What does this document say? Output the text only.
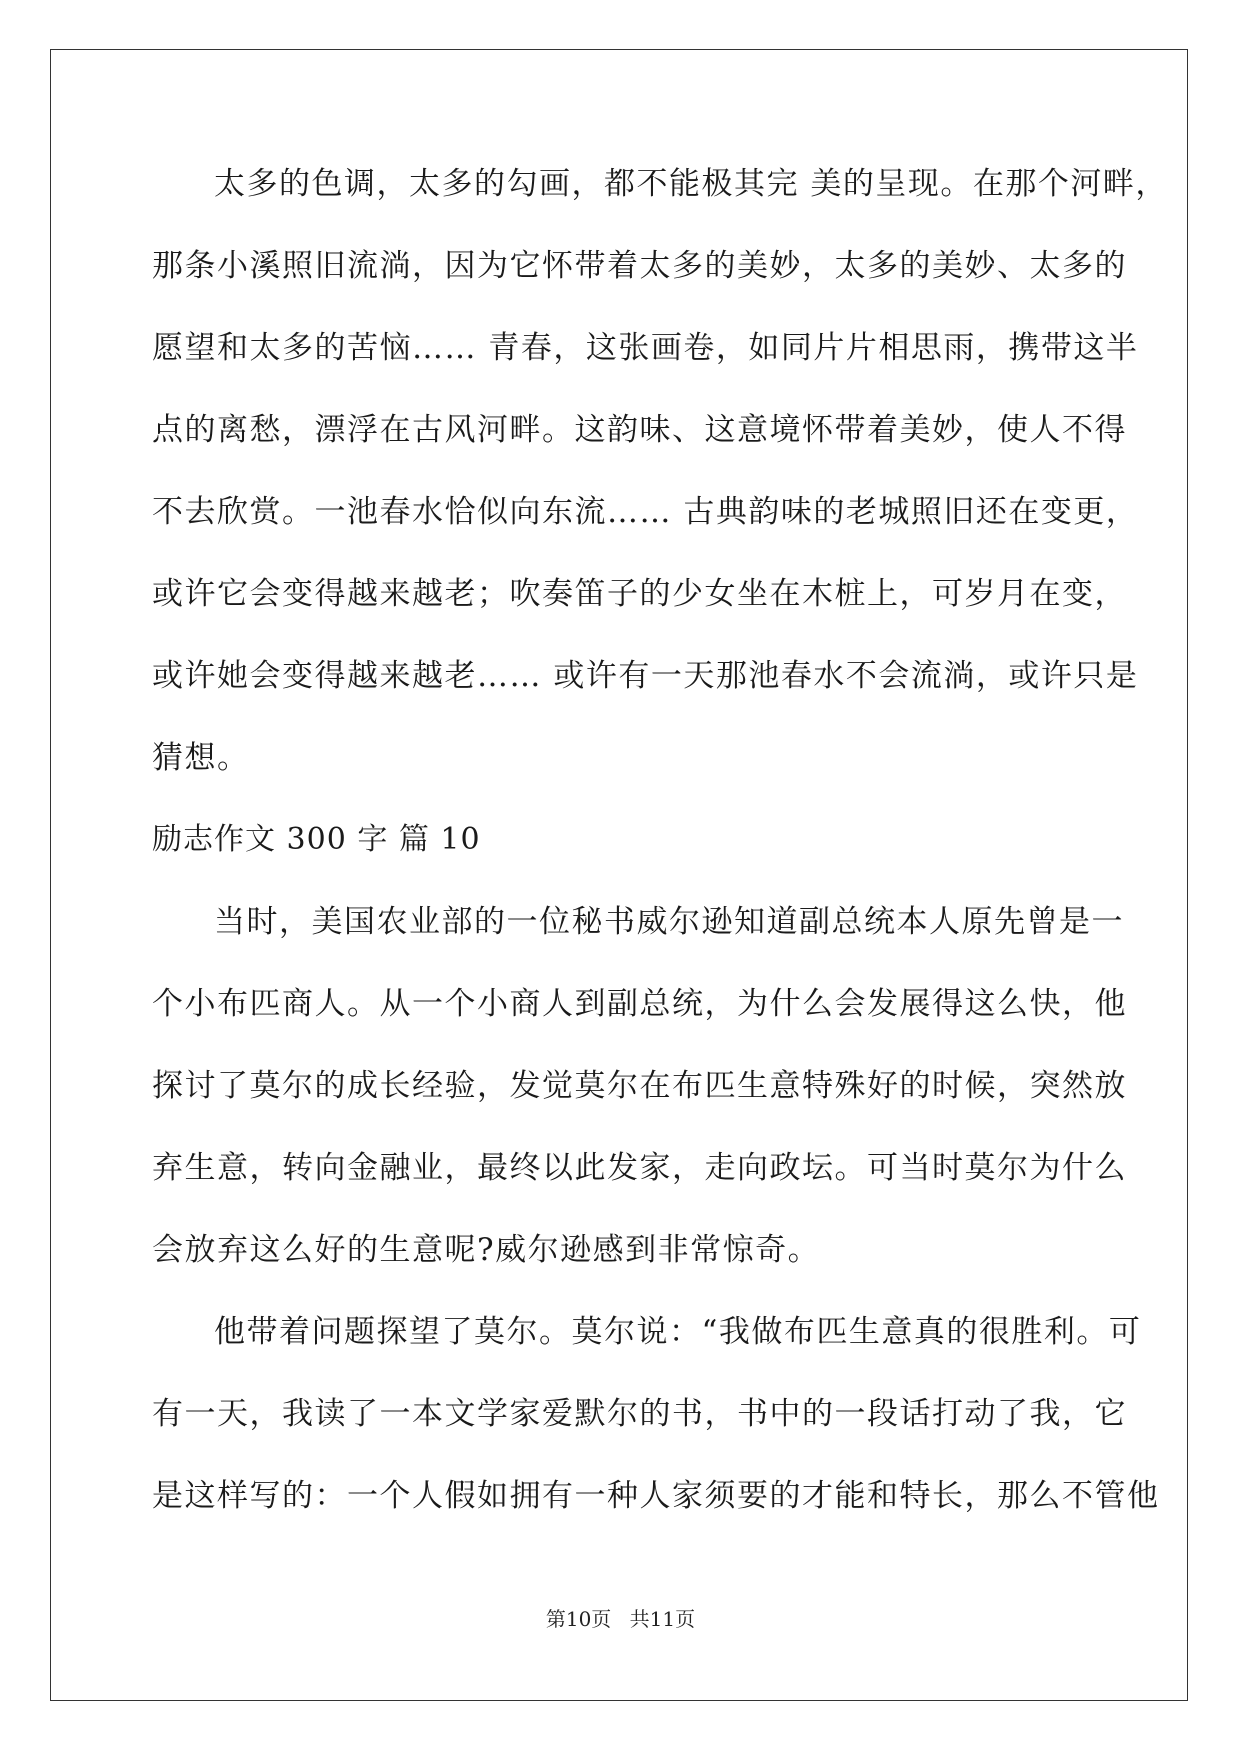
太多的色调，太多的勾画，都不能极其完 美的呈现。在那个河畔，
那条小溪照旧流淌，因为它怀带着太多的美妙，太多的美妙、太多的
愿望和太多的苦恼…… 青春，这张画卷，如同片片相思雨，携带这半
点的离愁，漂浮在古风河畔。这韵味、这意境怀带着美妙，使人不得
不去欣赏。一池春水恰似向东流…… 古典韵味的老城照旧还在变更，
或许它会变得越来越老；吹奏笛子的少女坐在木桩上，可岁月在变，
或许她会变得越来越老…… 或许有一天那池春水不会流淌，或许只是
猜想。
励志作文 300 字 篇 10
当时，美国农业部的一位秘书威尔逊知道副总统本人原先曾是一
个小布匹商人。从一个小商人到副总统，为什么会发展得这么快，他
探讨了莫尔的成长经验，发觉莫尔在布匹生意特殊好的时候，突然放
弃生意，转向金融业，最终以此发家，走向政坛。可当时莫尔为什么
会放弃这么好的生意呢?威尔逊感到非常惊奇。
他带着问题探望了莫尔。莫尔说：“我做布匹生意真的很胜利。可
有一天，我读了一本文学家爱默尔的书，书中的一段话打动了我，它
是这样写的：一个人假如拥有一种人家须要的才能和特长，那么不管他
第10页 共11页
